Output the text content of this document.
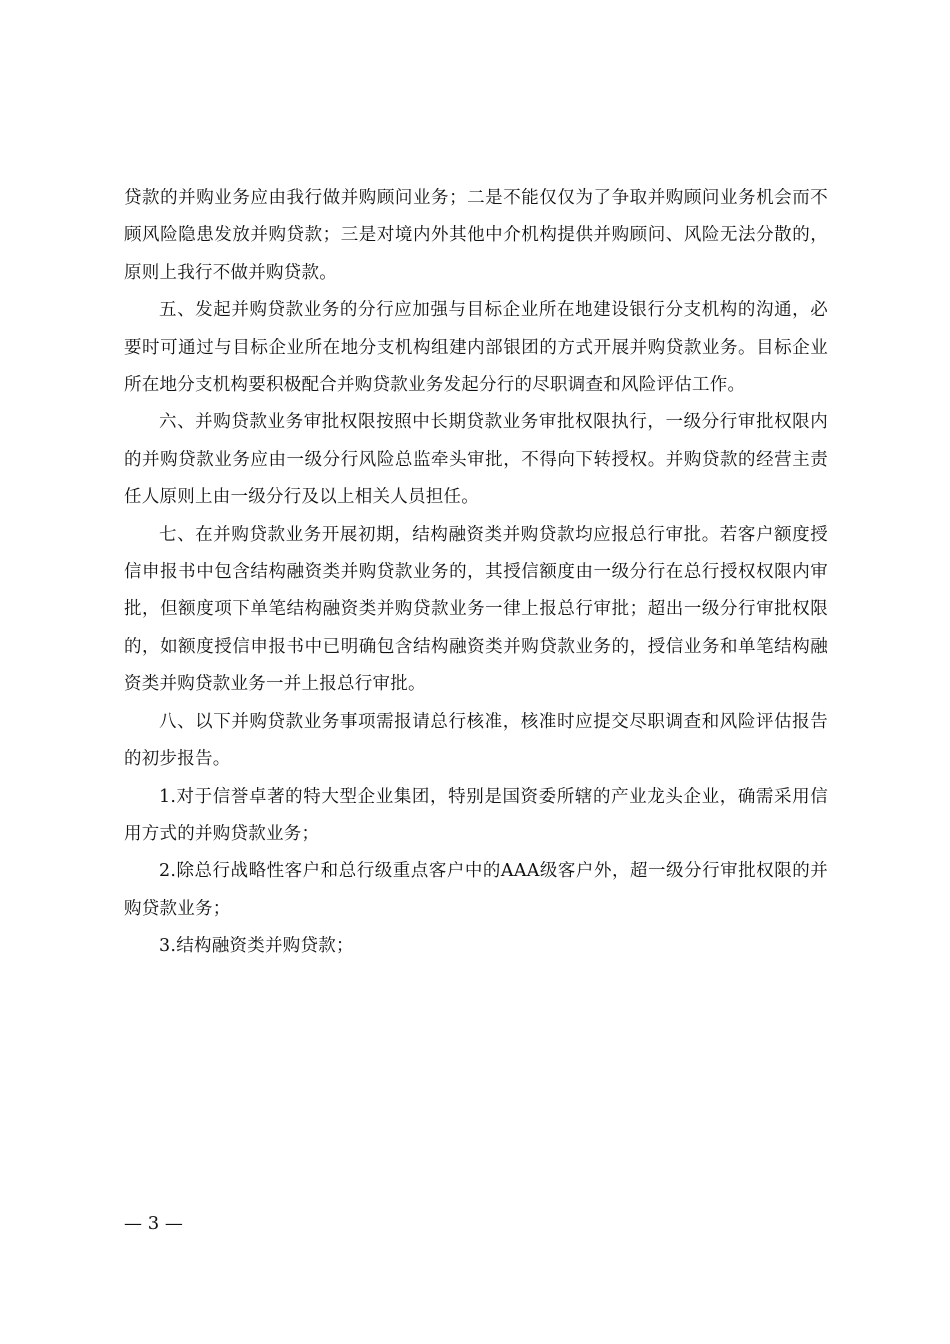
贷款的并购业务应由我行做并购顾问业务；二是不能仅仅为了争取并购顾问业务机会而不顾风险隐患发放并购贷款；三是对境内外其他中介机构提供并购顾问、风险无法分散的，原则上我行不做并购贷款。

五、发起并购贷款业务的分行应加强与目标企业所在地建设银行分支机构的沟通，必要时可通过与目标企业所在地分支机构组建内部银团的方式开展并购贷款业务。目标企业所在地分支机构要积极配合并购贷款业务发起分行的尽职调查和风险评估工作。

六、并购贷款业务审批权限按照中长期贷款业务审批权限执行，一级分行审批权限内的并购贷款业务应由一级分行风险总监牵头审批，不得向下转授权。并购贷款的经营主责任人原则上由一级分行及以上相关人员担任。

七、在并购贷款业务开展初期，结构融资类并购贷款均应报总行审批。若客户额度授信申报书中包含结构融资类并购贷款业务的，其授信额度由一级分行在总行授权权限内审批，但额度项下单笔结构融资类并购贷款业务一律上报总行审批；超出一级分行审批权限的，如额度授信申报书中已明确包含结构融资类并购贷款业务的，授信业务和单笔结构融资类并购贷款业务一并上报总行审批。

八、以下并购贷款业务事项需报请总行核准，核准时应提交尽职调查和风险评估报告的初步报告。

1.对于信誉卓著的特大型企业集团，特别是国资委所辖的产业龙头企业，确需采用信用方式的并购贷款业务；

2.除总行战略性客户和总行级重点客户中的AAA级客户外，超一级分行审批权限的并购贷款业务；

3.结构融资类并购贷款；

— 3 —
